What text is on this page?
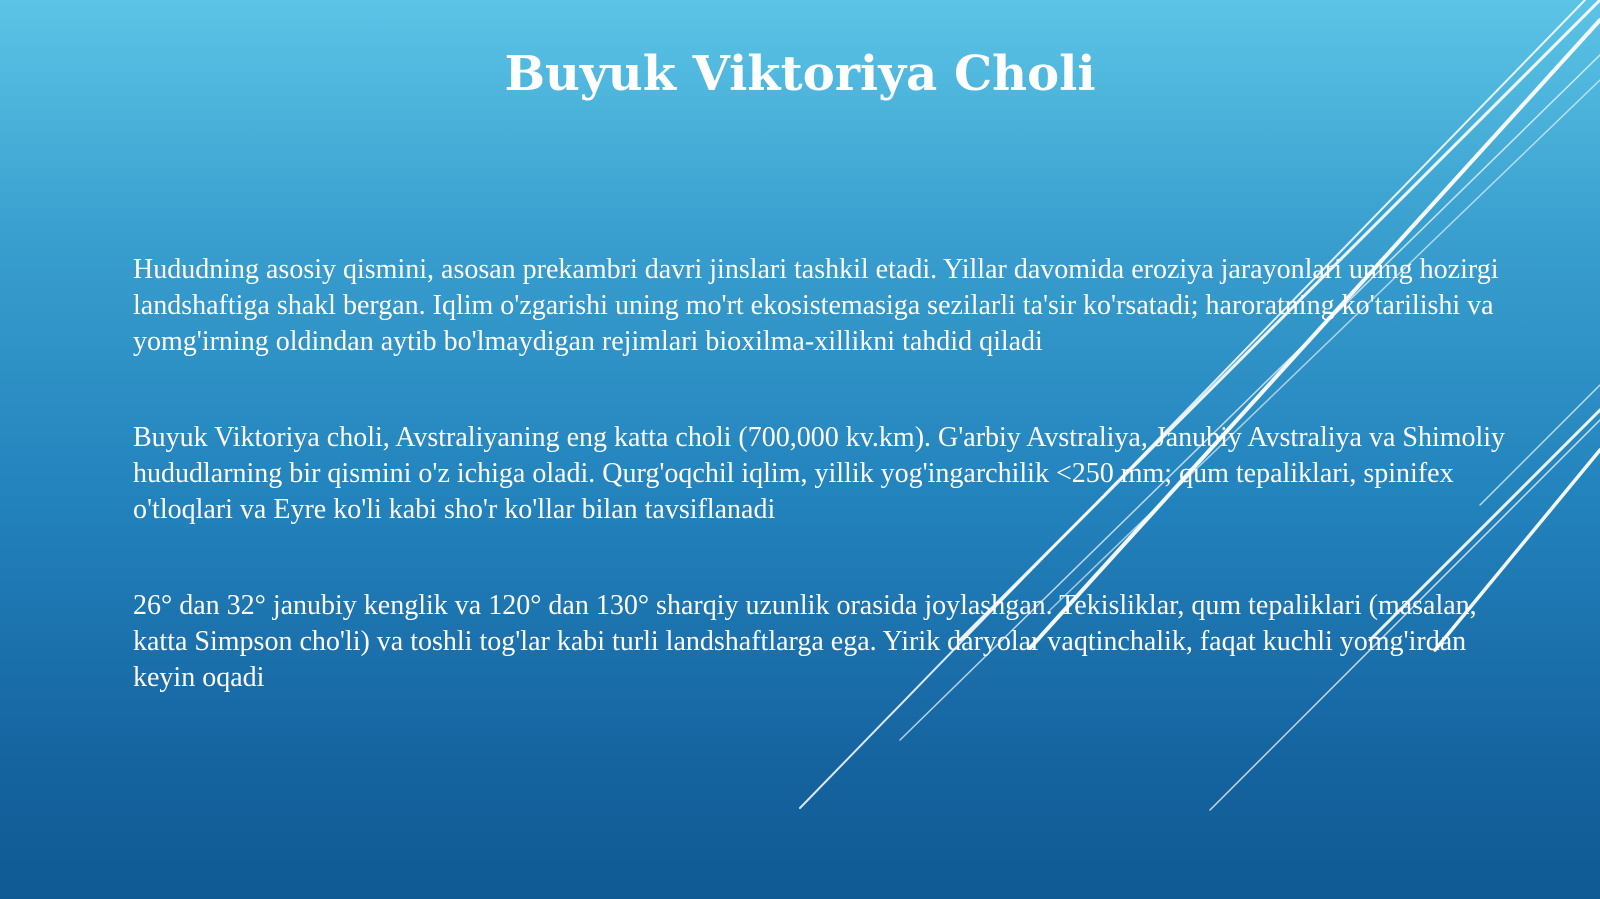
Buyuk Viktoriya Choli

Hududning asosiy qismini, asosan prekambri davri jinslari tashkil etadi. Yillar davomida eroziya jarayonlari uning hozirgi landshaftiga shakl bergan. Iqlim o'zgarishi uning mo'rt ekosistemasiga sezilarli ta'sir ko'rsatadi; haroratning ko'tarilishi va yomg'irning oldindan aytib bo'lmaydigan rejimlari bioxilma-xillikni tahdid qiladi

Buyuk Viktoriya choli, Avstraliyaning eng katta choli (700,000 kv.km). G'arbiy Avstraliya, Janubiy Avstraliya va Shimoliy hududlarning bir qismini o'z ichiga oladi. Qurg'oqchil iqlim, yillik yog'ingarchilik <250 mm; qum tepaliklari, spinifex o'tloqlari va Eyre ko'li kabi sho'r ko'llar bilan tavsiflanadi

26° dan 32° janubiy kenglik va 120° dan 130° sharqiy uzunlik orasida joylashgan. Tekisliklar, qum tepaliklari (masalan, katta Simpson cho'li) va toshli tog'lar kabi turli landshaftlarga ega. Yirik daryolar vaqtinchalik, faqat kuchli yomg'irdan keyin oqadi
